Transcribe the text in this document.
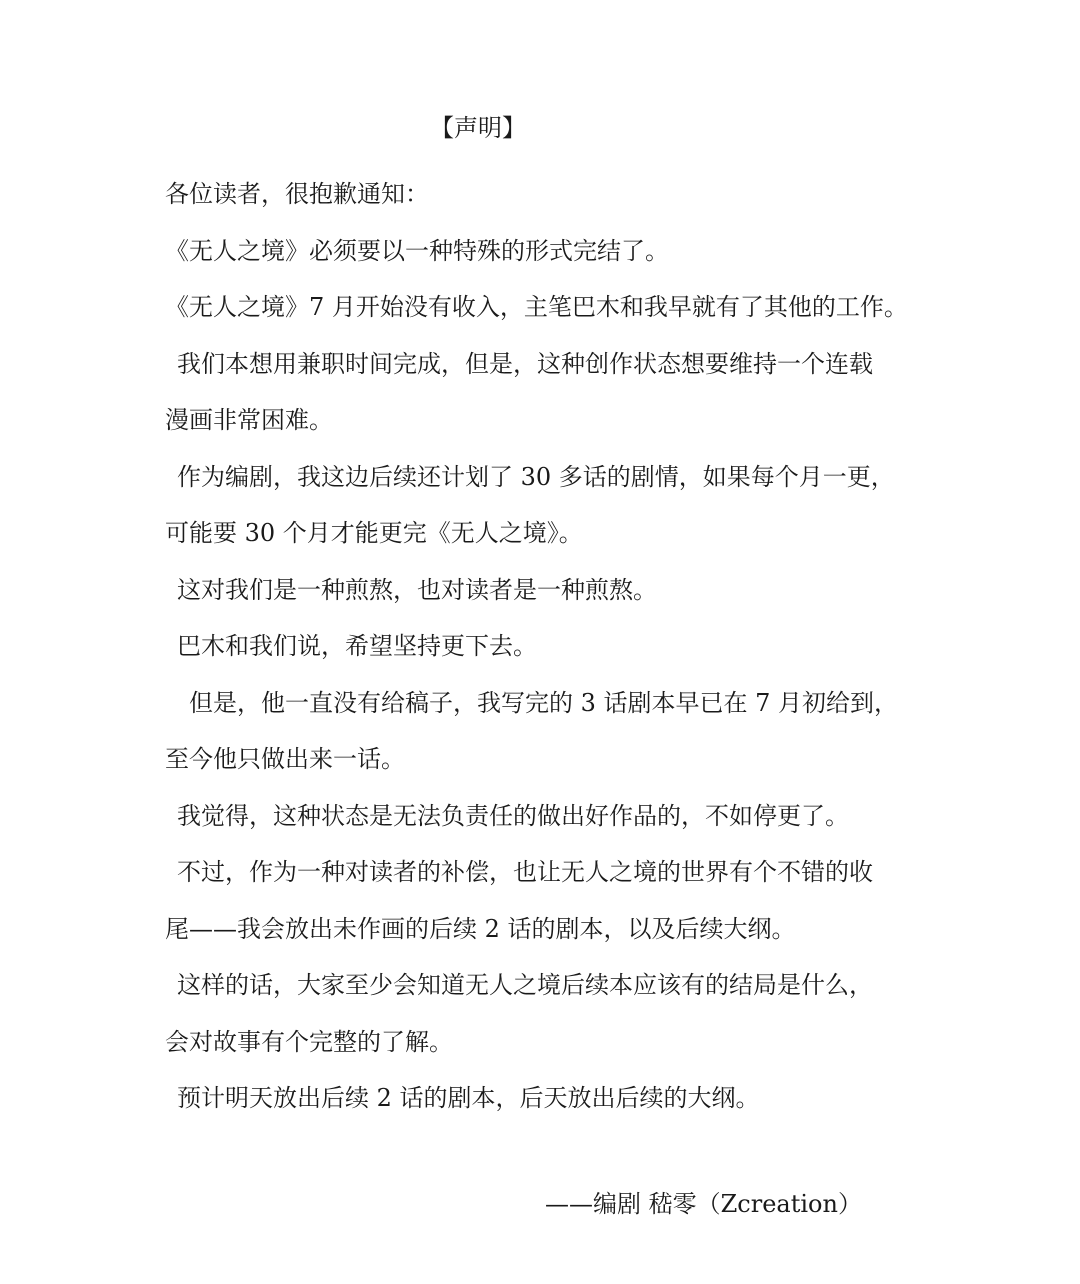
【声明】
各位读者，很抱歉通知：
《无人之境》必须要以一种特殊的形式完结了。
《无人之境》7 月开始没有收入，主笔巴木和我早就有了其他的工作。
我们本想用兼职时间完成，但是，这种创作状态想要维持一个连载
漫画非常困难。
作为编剧，我这边后续还计划了 30 多话的剧情，如果每个月一更，
可能要 30 个月才能更完《无人之境》。
这对我们是一种煎熬，也对读者是一种煎熬。
巴木和我们说，希望坚持更下去。
但是，他一直没有给稿子，我写完的 3 话剧本早已在 7 月初给到，
至今他只做出来一话。
我觉得，这种状态是无法负责任的做出好作品的，不如停更了。
不过，作为一种对读者的补偿，也让无人之境的世界有个不错的收
尾——我会放出未作画的后续 2 话的剧本，以及后续大纲。
这样的话，大家至少会知道无人之境后续本应该有的结局是什么，
会对故事有个完整的了解。
预计明天放出后续 2 话的剧本，后天放出后续的大纲。
——编剧 嵇零（Zcreation）
